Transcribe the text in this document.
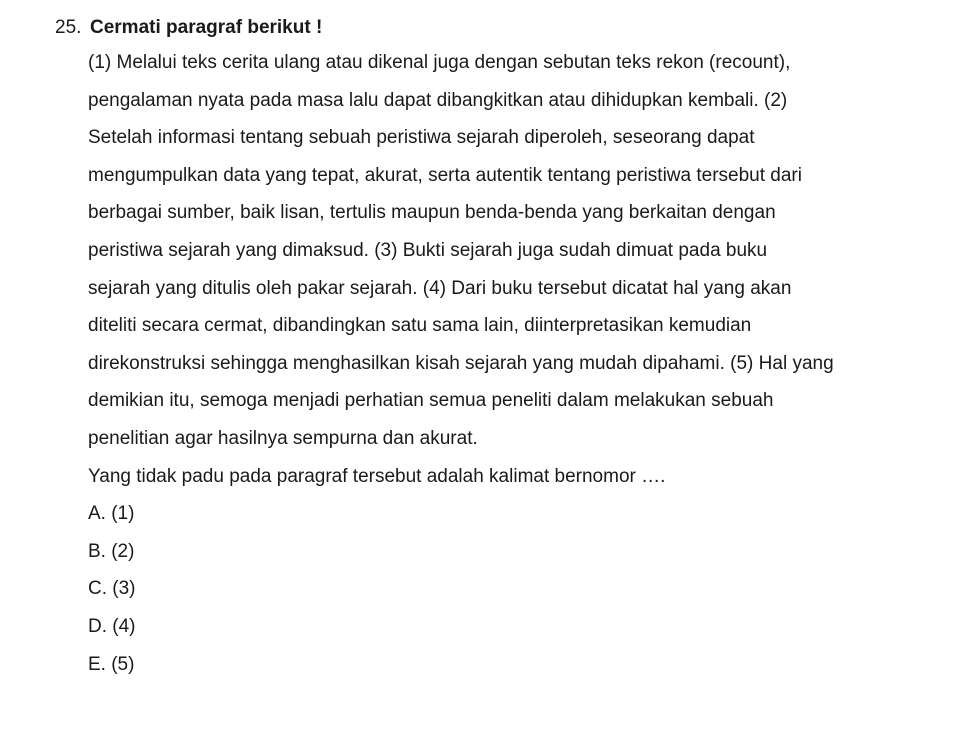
25. Cermati paragraf berikut !
(1) Melalui teks cerita ulang atau dikenal juga dengan sebutan teks rekon (recount),
pengalaman nyata pada masa lalu dapat dibangkitkan atau dihidupkan kembali. (2)
Setelah informasi tentang sebuah peristiwa sejarah diperoleh, seseorang dapat
mengumpulkan data yang tepat, akurat, serta autentik tentang peristiwa tersebut dari
berbagai sumber, baik lisan, tertulis maupun benda-benda yang berkaitan dengan
peristiwa sejarah yang dimaksud. (3) Bukti sejarah juga sudah dimuat pada buku
sejarah yang ditulis oleh pakar sejarah. (4) Dari buku tersebut dicatat hal yang akan
diteliti secara cermat, dibandingkan satu sama lain, diinterpretasikan kemudian
direkonstruksi sehingga menghasilkan kisah sejarah yang mudah dipahami. (5) Hal yang
demikian itu, semoga menjadi perhatian semua peneliti dalam melakukan sebuah
penelitian agar hasilnya sempurna dan akurat.
Yang tidak padu pada paragraf tersebut adalah kalimat bernomor ….
A. (1)
B. (2)
C. (3)
D. (4)
E. (5)
